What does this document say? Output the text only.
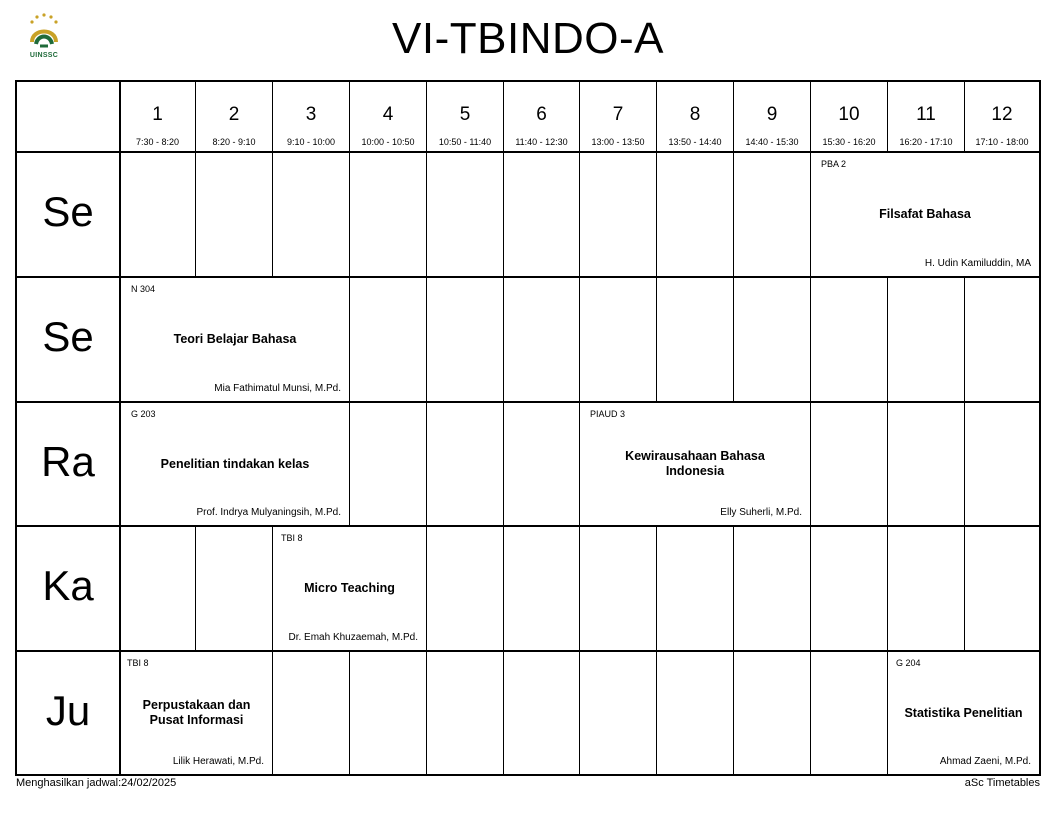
UINSSC	VI-TBINDO-A
1
7:30 - 8:20
2
8:20 - 9:10
3
9:10 - 10:00
4
10:00 - 10:50
5
10:50 - 11:40
6
11:40 - 12:30
7
13:00 - 13:50
8
13:50 - 14:40
9
14:40 - 15:30
10
15:30 - 16:20
11
16:20 - 17:10
12
17:10 - 18:00
Se
Se
Ra
Ka
Ju
PBA 2
Filsafat Bahasa
H. Udin Kamiluddin, MA
N 304
Teori Belajar Bahasa
Mia Fathimatul Munsi, M.Pd.
G 203
Penelitian tindakan kelas
Prof. Indrya Mulyaningsih, M.Pd.
PIAUD 3
Kewirausahaan Bahasa Indonesia
Elly Suherli, M.Pd.
TBI 8
Micro Teaching
Dr. Emah Khuzaemah, M.Pd.
TBI 8
Perpustakaan dan Pusat Informasi
Lilik Herawati, M.Pd.
G 204
Statistika Penelitian
Ahmad Zaeni, M.Pd.
Menghasilkan jadwal:24/02/2025	aSc Timetables
